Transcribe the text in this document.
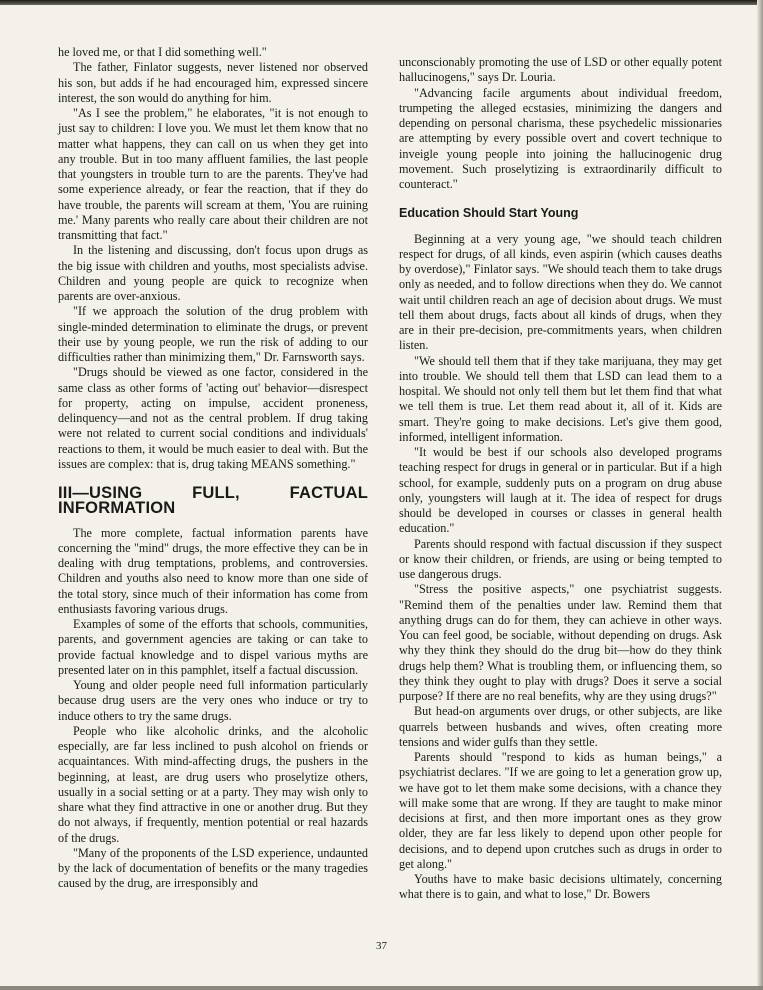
he loved me, or that I did something well."

The father, Finlator suggests, never listened nor observed his son, but adds if he had encouraged him, expressed sincere interest, the son would do anything for him.

"As I see the problem," he elaborates, "it is not enough to just say to children: I love you. We must let them know that no matter what happens, they can call on us when they get into any trouble. But in too many affluent families, the last people that youngsters in trouble turn to are the parents. They've had some experience already, or fear the reaction, that if they do have trouble, the parents will scream at them, 'You are ruining me.' Many parents who really care about their children are not transmitting that fact."

In the listening and discussing, don't focus upon drugs as the big issue with children and youths, most specialists advise. Children and young people are quick to recognize when parents are over-anxious.

"If we approach the solution of the drug problem with single-minded determination to eliminate the drugs, or prevent their use by young people, we run the risk of adding to our difficulties rather than minimizing them," Dr. Farnsworth says.

"Drugs should be viewed as one factor, considered in the same class as other forms of 'acting out' behavior—disrespect for property, acting on impulse, accident proneness, delinquency—and not as the central problem. If drug taking were not related to current social conditions and individuals' reactions to them, it would be much easier to deal with. But the issues are complex: that is, drug taking MEANS something."

III—USING FULL, FACTUAL INFORMATION

The more complete, factual information parents have concerning the "mind" drugs, the more effective they can be in dealing with drug temptations, problems, and controversies. Children and youths also need to know more than one side of the total story, since much of their information has come from enthusiasts favoring various drugs.

Examples of some of the efforts that schools, communities, parents, and government agencies are taking or can take to provide factual knowledge and to dispel various myths are presented later on in this pamphlet, itself a factual discussion.

Young and older people need full information particularly because drug users are the very ones who induce or try to induce others to try the same drugs.

People who like alcoholic drinks, and the alcoholic especially, are far less inclined to push alcohol on friends or acquaintances. With mind-affecting drugs, the pushers in the beginning, at least, are drug users who proselytize others, usually in a social setting or at a party. They may wish only to share what they find attractive in one or another drug. But they do not always, if frequently, mention potential or real hazards of the drugs.

"Many of the proponents of the LSD experience, undaunted by the lack of documentation of benefits or the many tragedies caused by the drug, are irresponsibly and

unconscionably promoting the use of LSD or other equally potent hallucinogens," says Dr. Louria.

"Advancing facile arguments about individual freedom, trumpeting the alleged ecstasies, minimizing the dangers and depending on personal charisma, these psychedelic missionaries are attempting by every possible overt and covert technique to inveigle young people into joining the hallucinogenic drug movement. Such proselytizing is extraordinarily difficult to counteract."

Education Should Start Young

Beginning at a very young age, "we should teach children respect for drugs, of all kinds, even aspirin (which causes deaths by overdose)," Finlator says. "We should teach them to take drugs only as needed, and to follow directions when they do. We cannot wait until children reach an age of decision about drugs. We must tell them about drugs, facts about all kinds of drugs, when they are in their pre-decision, pre-commitments years, when children listen.

"We should tell them that if they take marijuana, they may get into trouble. We should tell them that LSD can lead them to a hospital. We should not only tell them but let them find that what we tell them is true. Let them read about it, all of it. Kids are smart. They're going to make decisions. Let's give them good, informed, intelligent information.

"It would be best if our schools also developed programs teaching respect for drugs in general or in particular. But if a high school, for example, suddenly puts on a program on drug abuse only, youngsters will laugh at it. The idea of respect for drugs should be developed in courses or classes in general health education."

Parents should respond with factual discussion if they suspect or know their children, or friends, are using or being tempted to use dangerous drugs.

"Stress the positive aspects," one psychiatrist suggests. "Remind them of the penalties under law. Remind them that anything drugs can do for them, they can achieve in other ways. You can feel good, be sociable, without depending on drugs. Ask why they think they should do the drug bit—how do they think drugs help them? What is troubling them, or influencing them, so they think they ought to play with drugs? Does it serve a social purpose? If there are no real benefits, why are they using drugs?"

But head-on arguments over drugs, or other subjects, are like quarrels between husbands and wives, often creating more tensions and wider gulfs than they settle.

Parents should "respond to kids as human beings," a psychiatrist declares. "If we are going to let a generation grow up, we have got to let them make some decisions, with a chance they will make some that are wrong. If they are taught to make minor decisions at first, and then more important ones as they grow older, they are far less likely to depend upon other people for decisions, and to depend upon crutches such as drugs in order to get along."

Youths have to make basic decisions ultimately, concerning what there is to gain, and what to lose," Dr. Bowers

37
